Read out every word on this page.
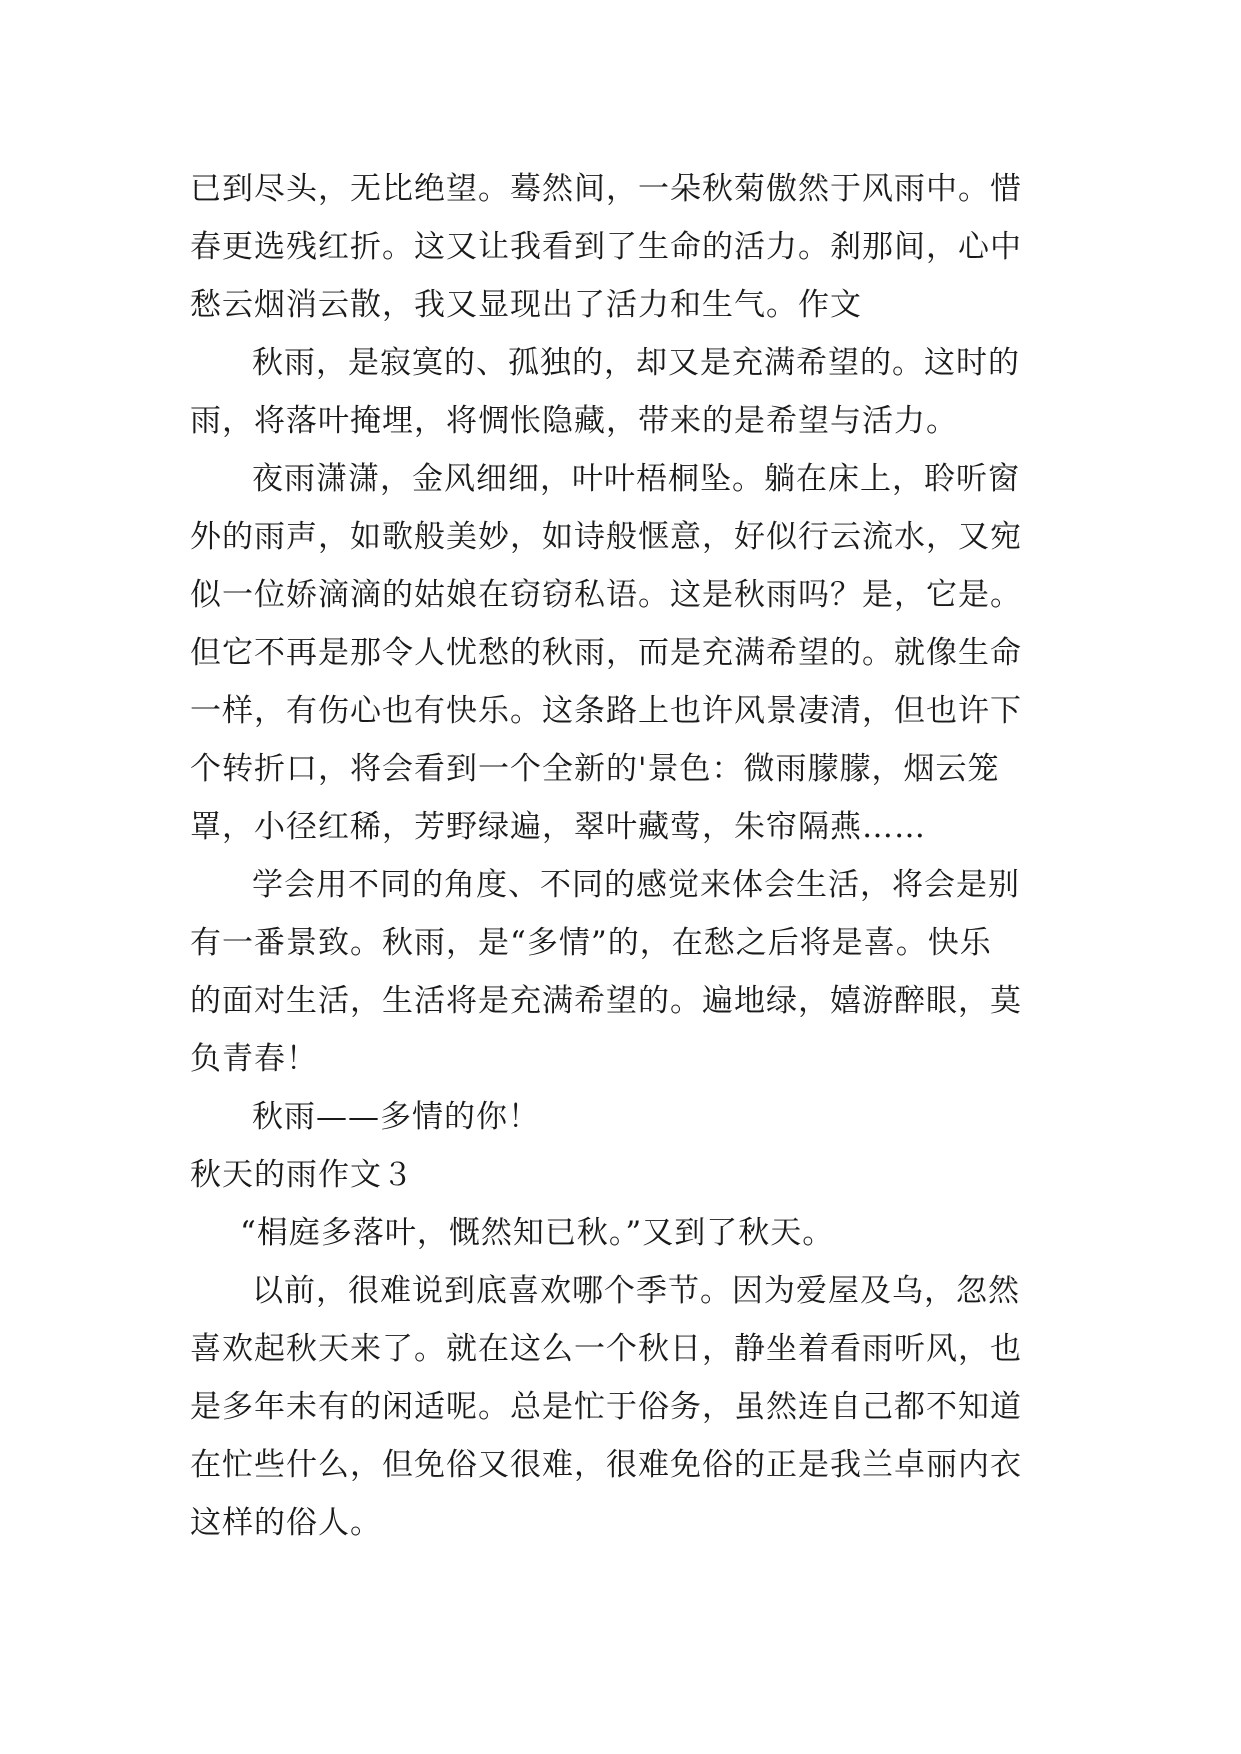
已到尽头，无比绝望。蓦然间，一朵秋菊傲然于风雨中。惜
春更选残红折。这又让我看到了生命的活力。刹那间，心中
愁云烟消云散，我又显现出了活力和生气。作文
秋雨，是寂寞的、孤独的，却又是充满希望的。这时的
雨，将落叶掩埋，将惆怅隐藏，带来的是希望与活力。
夜雨潇潇，金风细细，叶叶梧桐坠。躺在床上，聆听窗
外的雨声，如歌般美妙，如诗般惬意，好似行云流水，又宛
似一位娇滴滴的姑娘在窃窃私语。这是秋雨吗？是，它是。
但它不再是那令人忧愁的秋雨，而是充满希望的。就像生命
一样，有伤心也有快乐。这条路上也许风景凄清，但也许下
个转折口，将会看到一个全新的'景色：微雨朦朦，烟云笼
罩，小径红稀，芳野绿遍，翠叶藏莺，朱帘隔燕……
学会用不同的角度、不同的感觉来体会生活，将会是别
有一番景致。秋雨，是“多情”的，在愁之后将是喜。快乐
的面对生活，生活将是充满希望的。遍地绿，嬉游醉眼，莫
负青春！
秋雨——多情的你！
秋天的雨作文３
“梋庭多落叶，慨然知已秋。”又到了秋天。
以前，很难说到底喜欢哪个季节。因为爱屋及乌，忽然
喜欢起秋天来了。就在这么一个秋日，静坐着看雨听风，也
是多年未有的闲适呢。总是忙于俗务，虽然连自己都不知道
在忙些什么，但免俗又很难，很难免俗的正是我兰卓丽内衣
这样的俗人。
